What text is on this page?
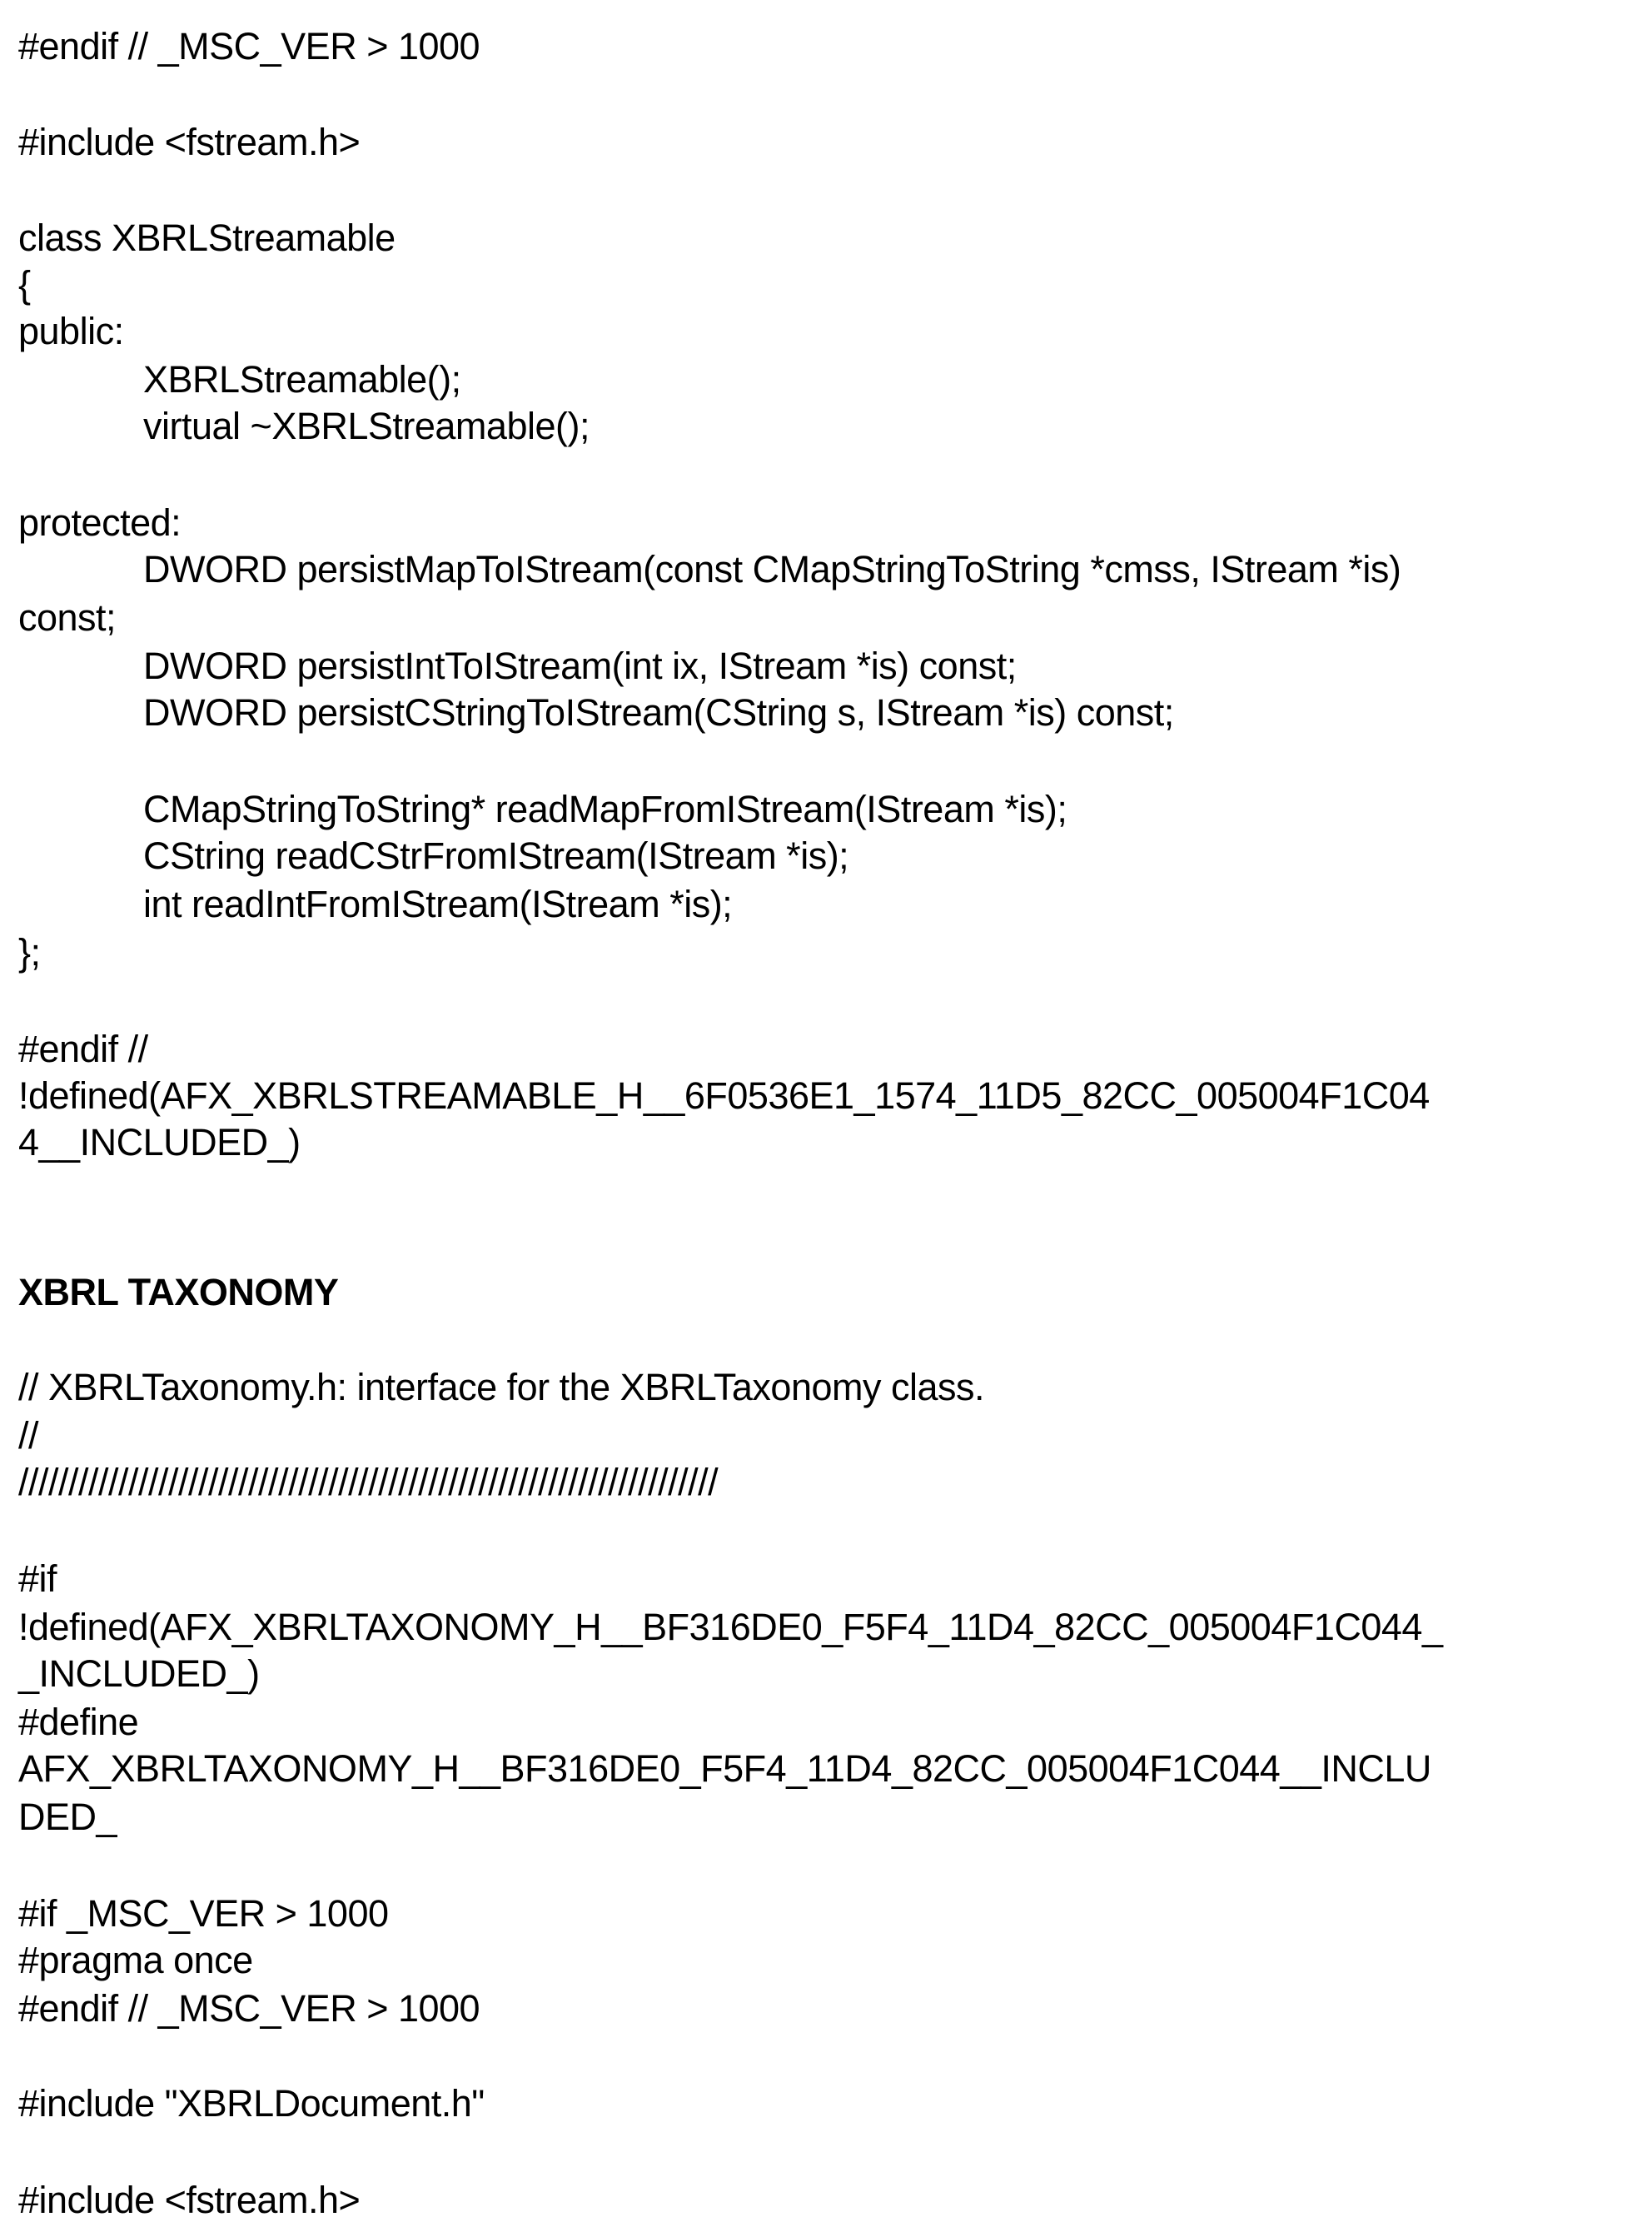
XBRL TAXONOMY
#endif // _MSC_VER > 1000
#include <fstream.h>
class XBRLStreamable
{
public:
XBRLStreamable();
virtual ~XBRLStreamable();
protected:
DWORD persistMapToIStream(const CMapStringToString *cmss, IStream *is)
const;
DWORD persistIntToIStream(int ix, IStream *is) const;
DWORD persistCStringToIStream(CString s, IStream *is) const;
CMapStringToString* readMapFromIStream(IStream *is);
CString readCStrFromIStream(IStream *is);
int readIntFromIStream(IStream *is);
};
#endif //
!defined(AFX_XBRLSTREAMABLE_H__6F0536E1_1574_11D5_82CC_005004F1C04
4__INCLUDED_)
// XBRLTaxonomy.h: interface for the XBRLTaxonomy class.
//
//////////////////////////////////////////////////////////////////////
#if
!defined(AFX_XBRLTAXONOMY_H__BF316DE0_F5F4_11D4_82CC_005004F1C044_
_INCLUDED_)
#define
AFX_XBRLTAXONOMY_H__BF316DE0_F5F4_11D4_82CC_005004F1C044__INCLU
DED_
#if _MSC_VER > 1000
#pragma once
#endif // _MSC_VER > 1000
#include "XBRLDocument.h"
#include <fstream.h>
